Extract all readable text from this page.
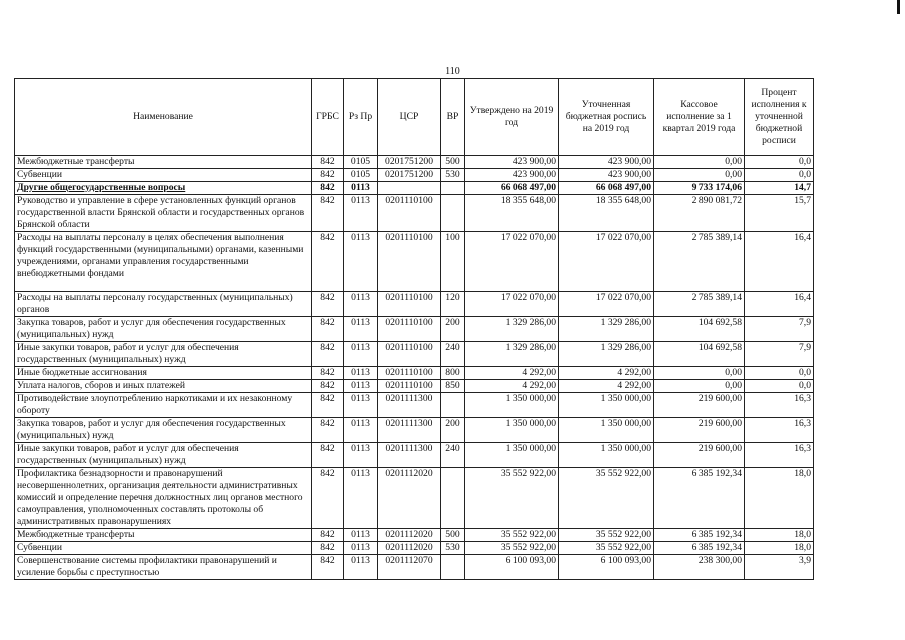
110
Наименование	ГРБС	Рз Пр	ЦСР	ВР	Утверждено на 2019 год	Уточненная бюджетная роспись на 2019 год	Кассовое исполнение за 1 квартал 2019 года	Процент исполнения к уточненной бюджетной росписи
Межбюджетные трансферты	842	0105	0201751200	500	423 900,00	423 900,00	0,00	0,0
Субвенции	842	0105	0201751200	530	423 900,00	423 900,00	0,00	0,0
Другие общегосударственные вопросы	842	0113			66 068 497,00	66 068 497,00	9 733 174,06	14,7
Руководство и управление в сфере установленных функций органов государственной власти Брянской области и государственных органов Брянской области	842	0113	0201110100		18 355 648,00	18 355 648,00	2 890 081,72	15,7
Расходы на выплаты персоналу в целях обеспечения выполнения функций государственными (муниципальными) органами, казенными учреждениями, органами управления государственными внебюджетными фондами	842	0113	0201110100	100	17 022 070,00	17 022 070,00	2 785 389,14	16,4
Расходы на выплаты персоналу государственных (муниципальных) органов	842	0113	0201110100	120	17 022 070,00	17 022 070,00	2 785 389,14	16,4
Закупка товаров, работ и услуг для обеспечения государственных (муниципальных) нужд	842	0113	0201110100	200	1 329 286,00	1 329 286,00	104 692,58	7,9
Иные закупки товаров, работ и услуг для обеспечения государственных (муниципальных) нужд	842	0113	0201110100	240	1 329 286,00	1 329 286,00	104 692,58	7,9
Иные бюджетные ассигнования	842	0113	0201110100	800	4 292,00	4 292,00	0,00	0,0
Уплата налогов, сборов и иных платежей	842	0113	0201110100	850	4 292,00	4 292,00	0,00	0,0
Противодействие злоупотреблению наркотиками и их незаконному обороту	842	0113	0201111300		1 350 000,00	1 350 000,00	219 600,00	16,3
Закупка товаров, работ и услуг для обеспечения государственных (муниципальных) нужд	842	0113	0201111300	200	1 350 000,00	1 350 000,00	219 600,00	16,3
Иные закупки товаров, работ и услуг для обеспечения государственных (муниципальных) нужд	842	0113	0201111300	240	1 350 000,00	1 350 000,00	219 600,00	16,3
Профилактика безнадзорности и правонарушений несовершеннолетних, организация деятельности административных комиссий и определение перечня должностных лиц органов местного самоуправления, уполномоченных составлять протоколы об административных правонарушениях	842	0113	0201112020		35 552 922,00	35 552 922,00	6 385 192,34	18,0
Межбюджетные трансферты	842	0113	0201112020	500	35 552 922,00	35 552 922,00	6 385 192,34	18,0
Субвенции	842	0113	0201112020	530	35 552 922,00	35 552 922,00	6 385 192,34	18,0
Совершенствование системы профилактики правонарушений и усиление борьбы с преступностью	842	0113	0201112070		6 100 093,00	6 100 093,00	238 300,00	3,9
